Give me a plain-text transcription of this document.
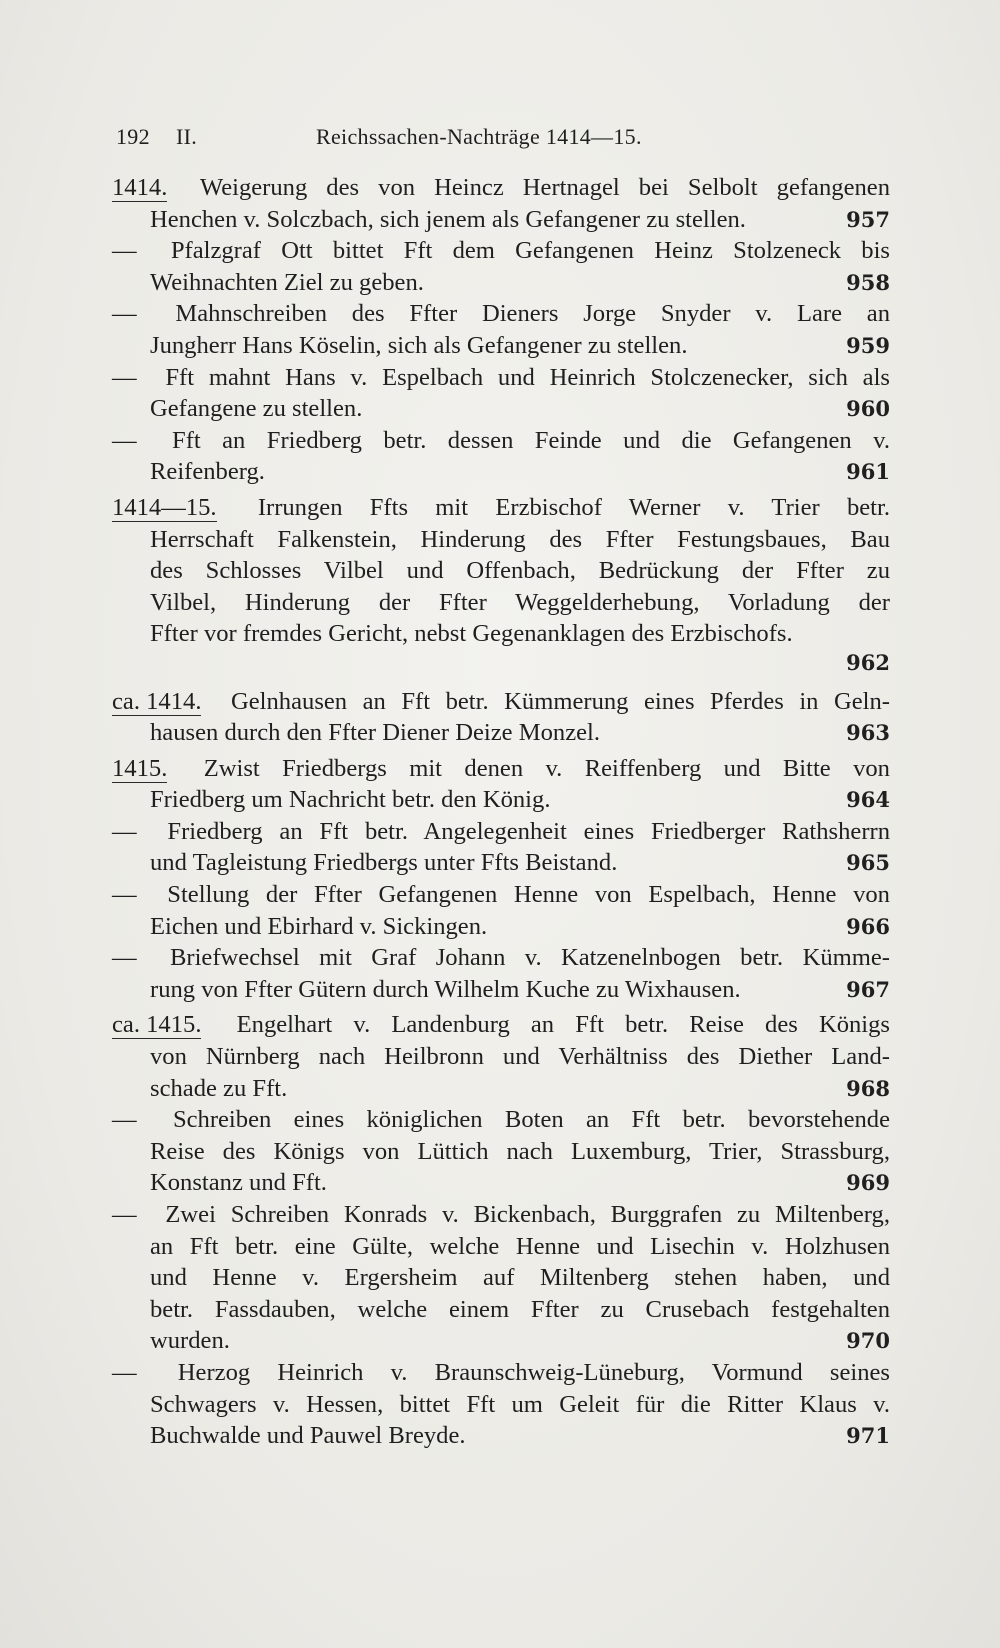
192 II.	Reichssachen-Nachträge 1414—15.
1414. Weigerung des von Heincz Hertnagel bei Selbolt gefangenen
Henchen v. Solczbach, sich jenem als Gefangener zu stellen.	957
— Pfalzgraf Ott bittet Fft dem Gefangenen Heinz Stolzeneck bis
Weihnachten Ziel zu geben.	958
— Mahnschreiben des Ffter Dieners Jorge Snyder v. Lare an
Jungherr Hans Köselin, sich als Gefangener zu stellen.	959
— Fft mahnt Hans v. Espelbach und Heinrich Stolczenecker, sich als
Gefangene zu stellen.	960
— Fft an Friedberg betr. dessen Feinde und die Gefangenen v.
Reifenberg.	961
1414—15. Irrungen Ffts mit Erzbischof Werner v. Trier betr.
Herrschaft Falkenstein, Hinderung des Ffter Festungsbaues, Bau
des Schlosses Vilbel und Offenbach, Bedrückung der Ffter zu
Vilbel, Hinderung der Ffter Weggelderhebung, Vorladung der
Ffter vor fremdes Gericht, nebst Gegenanklagen des Erzbischofs.
962
ca. 1414. Gelnhausen an Fft betr. Kümmerung eines Pferdes in Geln-
hausen durch den Ffter Diener Deize Monzel.	963
1415. Zwist Friedbergs mit denen v. Reiffenberg und Bitte von
Friedberg um Nachricht betr. den König.	964
— Friedberg an Fft betr. Angelegenheit eines Friedberger Rathsherrn
und Tagleistung Friedbergs unter Ffts Beistand.	965
— Stellung der Ffter Gefangenen Henne von Espelbach, Henne von
Eichen und Ebirhard v. Sickingen.	966
— Briefwechsel mit Graf Johann v. Katzenelnbogen betr. Kümme-
rung von Ffter Gütern durch Wilhelm Kuche zu Wixhausen.	967
ca. 1415. Engelhart v. Landenburg an Fft betr. Reise des Königs
von Nürnberg nach Heilbronn und Verhältniss des Diether Land-
schade zu Fft.	968
— Schreiben eines königlichen Boten an Fft betr. bevorstehende
Reise des Königs von Lüttich nach Luxemburg, Trier, Strassburg,
Konstanz und Fft.	969
— Zwei Schreiben Konrads v. Bickenbach, Burggrafen zu Miltenberg,
an Fft betr. eine Gülte, welche Henne und Lisechin v. Holzhusen
und Henne v. Ergersheim auf Miltenberg stehen haben, und
betr. Fassdauben, welche einem Ffter zu Crusebach festgehalten
wurden.	970
— Herzog Heinrich v. Braunschweig-Lüneburg, Vormund seines
Schwagers v. Hessen, bittet Fft um Geleit für die Ritter Klaus v.
Buchwalde und Pauwel Breyde.	971
